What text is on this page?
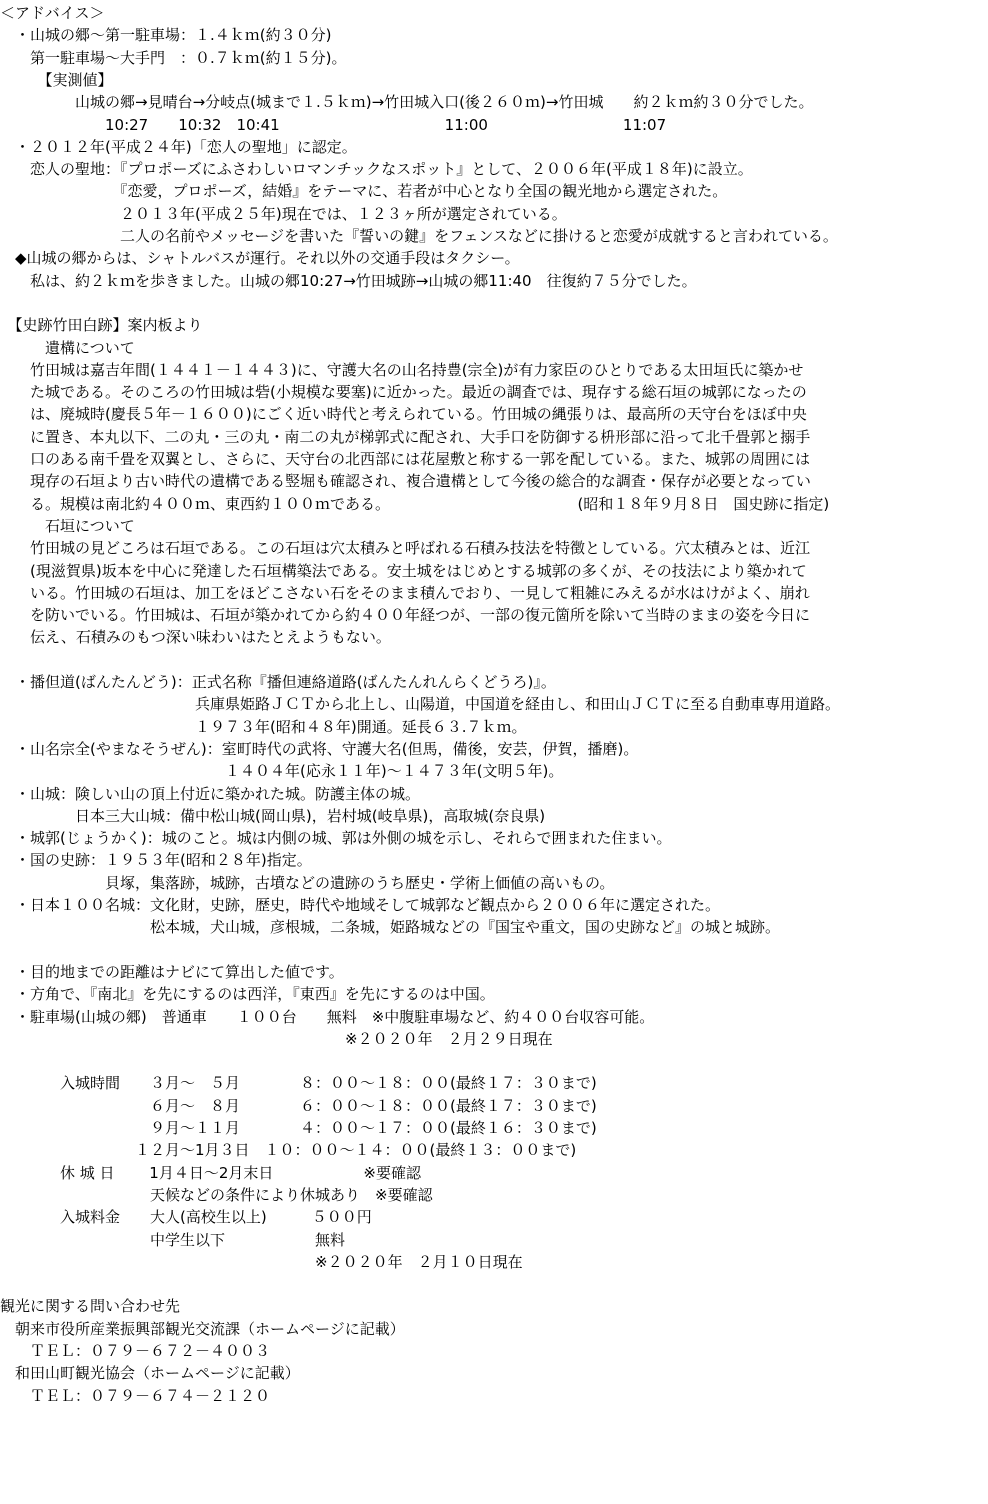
＜アドバイス＞
　・山城の郷～第一駐車場：１.４ｋｍ(約３０分)
　　第一駐車場～大手門　：０.７ｋｍ(約１５分)。
　　　【実測値】
　　　　　山城の郷→見晴台→分岐点(城まで１.５ｋｍ)→竹田城入口(後２６０ｍ)→竹田城　　約２ｋｍ約３０分でした。
　　　　　　　10:27　　10:32　10:41　　　　　　　　　　　11:00　　　　　　　　　11:07
　・２０１２年(平成２４年)「恋人の聖地」に認定。
　　恋人の聖地：『プロポーズにふさわしいロマンチックなスポット』として、２００６年(平成１８年)に設立。
　　　　　　　　『恋愛，プロポーズ，結婚』をテーマに、若者が中心となり全国の観光地から選定された。
　　　　　　　　２０１３年(平成２５年)現在では、１２３ヶ所が選定されている。
　　　　　　　　二人の名前やメッセージを書いた『誓いの鍵』をフェンスなどに掛けると恋愛が成就すると言われている。
　◆山城の郷からは、シャトルバスが運行。それ以外の交通手段はタクシー。
　　私は、約２ｋｍを歩きました。山城の郷10:27→竹田城跡→山城の郷11:40　往復約７５分でした。
　【史跡竹田白跡】案内板より
　　　遺構について
　　竹田城は嘉吉年間(１４４１－１４４３)に、守護大名の山名持豊(宗全)が有力家臣のひとりである太田垣氏に築かせ
　　た城である。そのころの竹田城は砦(小規模な要塞)に近かった。最近の調査では、現存する総石垣の城郭になったの
　　は、廃城時(慶長５年－１６００)にごく近い時代と考えられている。竹田城の縄張りは、最高所の天守台をほぼ中央
　　に置き、本丸以下、二の丸・三の丸・南二の丸が梯郭式に配され、大手口を防御する枡形部に沿って北千畳郭と搦手
　　口のある南千畳を双翼とし、さらに、天守台の北西部には花屋敷と称する一郭を配している。また、城郭の周囲には
　　現存の石垣より古い時代の遺構である竪堀も確認され、複合遺構として今後の総合的な調査・保存が必要となってい
　　る。規模は南北約４００ｍ、東西約１００ｍである。　　　　　　　　　　　　　(昭和１８年９月８日　国史跡に指定)
　　　石垣について
　　竹田城の見どころは石垣である。この石垣は穴太積みと呼ばれる石積み技法を特徴としている。穴太積みとは、近江
　　(現滋賀県)坂本を中心に発達した石垣構築法である。安土城をはじめとする城郭の多くが、その技法により築かれて
　　いる。竹田城の石垣は、加工をほどこさない石をそのまま積んでおり、一見して粗雑にみえるが水はけがよく、崩れ
　　を防いでいる。竹田城は、石垣が築かれてから約４００年経つが、一部の復元箇所を除いて当時のままの姿を今日に
　　伝え、石積みのもつ深い味わいはたとえようもない。
　・播但道(ばんたんどう)：正式名称『播但連絡道路(ばんたんれんらくどうろ)』。
　　　　　　　　　　　　　兵庫県姫路ＪＣＴから北上し、山陽道，中国道を経由し、和田山ＪＣＴに至る自動車専用道路。
　　　　　　　　　　　　　１９７３年(昭和４８年)開通。延長６３.７ｋｍ。
　・山名宗全(やまなそうぜん)：室町時代の武将、守護大名(但馬，備後，安芸，伊賀，播磨)。
　　　　　　　　　　　　　　　１４０４年(応永１１年)～１４７３年(文明５年)。
　・山城：険しい山の頂上付近に築かれた城。防護主体の城。
　　　　　日本三大山城：備中松山城(岡山県)，岩村城(岐阜県)，高取城(奈良県)
　・城郭(じょうかく)：城のこと。城は内側の城、郭は外側の城を示し、それらで囲まれた住まい。
　・国の史跡：１９５３年(昭和２８年)指定。
　　　　　　　貝塚，集落跡，城跡，古墳などの遺跡のうち歴史・学術上価値の高いもの。
　・日本１００名城：文化財，史跡，歴史，時代や地域そして城郭など観点から２００６年に選定された。
　　　　　　　　　　松本城，犬山城，彦根城，二条城，姫路城などの『国宝や重文，国の史跡など』の城と城跡。
　・目的地までの距離はナビにて算出した値です。
　・方角で、『南北』を先にするのは西洋，『東西』を先にするのは中国。
　・駐車場(山城の郷)　普通車　　１００台　　無料　※中腹駐車場など、約４００台収容可能。
　　　　　　　　　　　　　　　　　　　　　　　※２０２０年　２月２９日現在
　　　　入城時間　　３月～　５月　　　　８：００～１８：００(最終１７：３０まで)
　　　　　　　　　　６月～　８月　　　　６：００～１８：００(最終１７：３０まで)
　　　　　　　　　　９月～１１月　　　　４：００～１７：００(最終１６：３０まで)
　　　　　　　　　１２月～1月３日　１０：００～１４：００(最終１３：００まで)
　　　　休 城 日　　 1月４日～2月末日　　　　　　※要確認
　　　　　　　　　　天候などの条件により休城あり　※要確認
　　　　入城料金　　大人(高校生以上)　　　５００円
　　　　　　　　　　中学生以下　　　　　　無料
　　　　　　　　　　　　　　　　　　　　　※２０２０年　２月１０日現在
観光に関する問い合わせ先
　朝来市役所産業振興部観光交流課（ホームページに記載）
　　ＴＥＬ：０７９－６７２－４００３
　和田山町観光協会（ホームページに記載）
　　ＴＥＬ：０７９－６７４－２１２０
